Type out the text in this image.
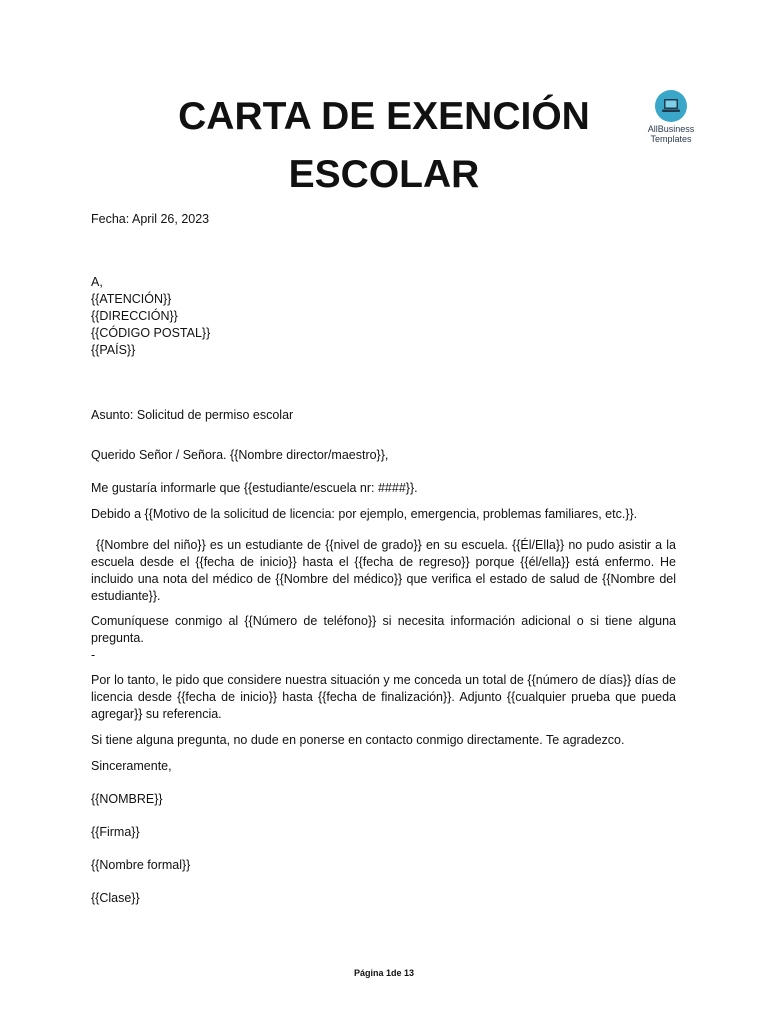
CARTA DE EXENCIÓN
ESCOLAR
AllBusiness
Templates

Fecha: April 26, 2023

A,

{{ATENCIÓN}}

{{DIRECCIÓN}}

{{CÓDIGO POSTAL}}

{{PAÍS}}

Asunto: Solicitud de permiso escolar

Querido Señor / Señora. {{Nombre director/maestro}},

Me gustaría informarle que {{estudiante/escuela nr: ####}}.

Debido a {{Motivo de la solicitud de licencia: por ejemplo, emergencia, problemas familiares, etc.}}.

{{Nombre del niño}} es un estudiante de {{nivel de grado}} en su escuela. {{Él/Ella}} no pudo asistir a la escuela desde el {{fecha de inicio}} hasta el {{fecha de regreso}} porque {{él/ella}} está enfermo. He incluido una nota del médico de {{Nombre del médico}} que verifica el estado de salud de {{Nombre del estudiante}}.

Comuníquese conmigo al {{Número de teléfono}} si necesita información adicional o si tiene alguna pregunta.

-

Por lo tanto, le pido que considere nuestra situación y me conceda un total de {{número de días}} días de licencia desde {{fecha de inicio}} hasta {{fecha de finalización}}. Adjunto {{cualquier prueba que pueda agregar}} su referencia.

Si tiene alguna pregunta, no dude en ponerse en contacto conmigo directamente. Te agradezco.

Sinceramente,

{{NOMBRE}}

{{Firma}}

{{Nombre formal}}

{{Clase}}

Página 1de 13
